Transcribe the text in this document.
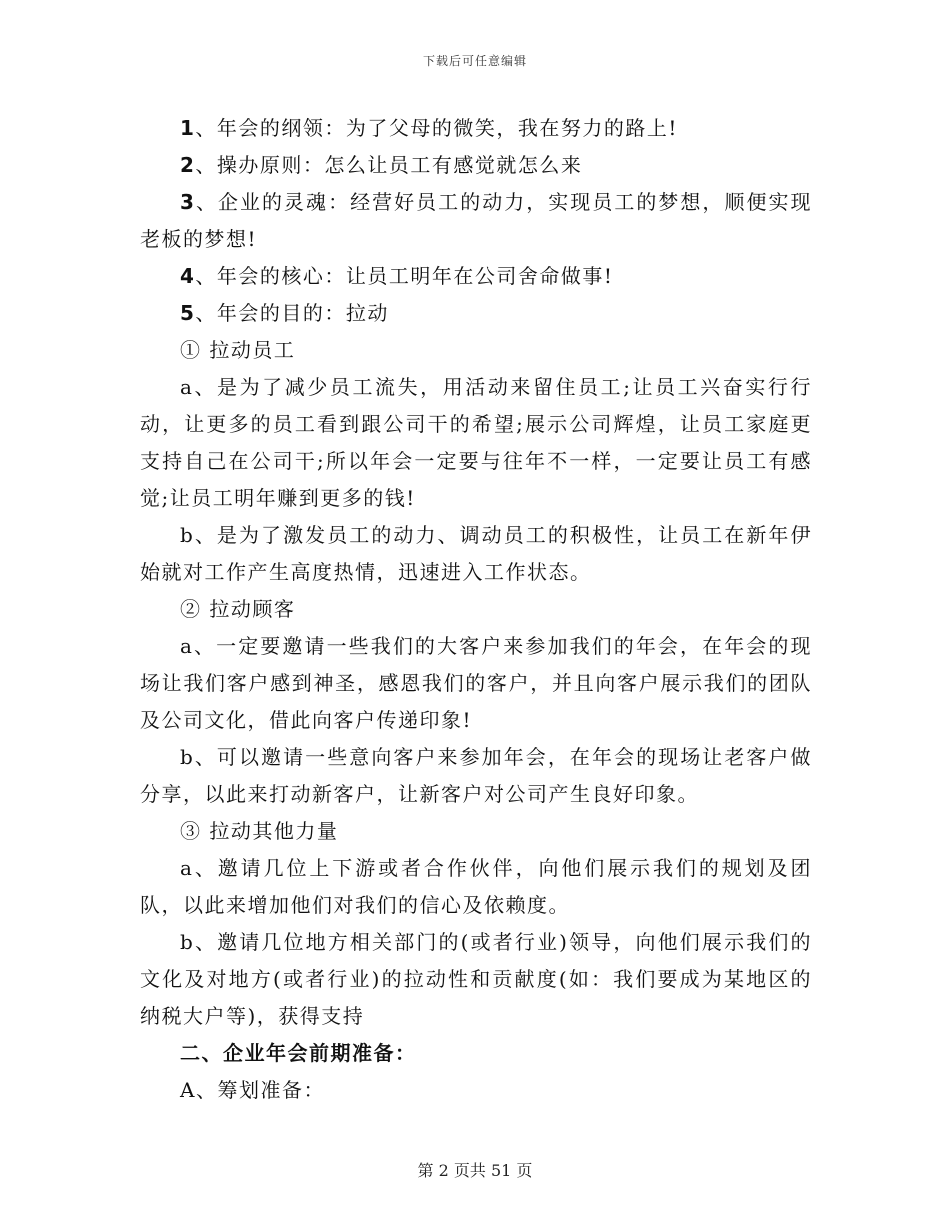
下载后可任意编辑

1、年会的纲领：为了父母的微笑，我在努力的路上!

2、操办原则：怎么让员工有感觉就怎么来

3、企业的灵魂：经营好员工的动力，实现员工的梦想，顺便实现老板的梦想!

4、年会的核心：让员工明年在公司舍命做事!

5、年会的目的：拉动

① 拉动员工

a、是为了减少员工流失，用活动来留住员工;让员工兴奋实行行动，让更多的员工看到跟公司干的希望;展示公司辉煌，让员工家庭更支持自己在公司干;所以年会一定要与往年不一样，一定要让员工有感觉;让员工明年赚到更多的钱!

b、是为了激发员工的动力、调动员工的积极性，让员工在新年伊始就对工作产生高度热情，迅速进入工作状态。

② 拉动顾客

a、一定要邀请一些我们的大客户来参加我们的年会，在年会的现场让我们客户感到神圣，感恩我们的客户，并且向客户展示我们的团队及公司文化，借此向客户传递印象!

b、可以邀请一些意向客户来参加年会，在年会的现场让老客户做分享，以此来打动新客户，让新客户对公司产生良好印象。

③ 拉动其他力量

a、邀请几位上下游或者合作伙伴，向他们展示我们的规划及团队，以此来增加他们对我们的信心及依赖度。

b、邀请几位地方相关部门的(或者行业)领导，向他们展示我们的文化及对地方(或者行业)的拉动性和贡献度(如：我们要成为某地区的纳税大户等)，获得支持

二、企业年会前期准备：

A、筹划准备：

第 2 页共 51 页
